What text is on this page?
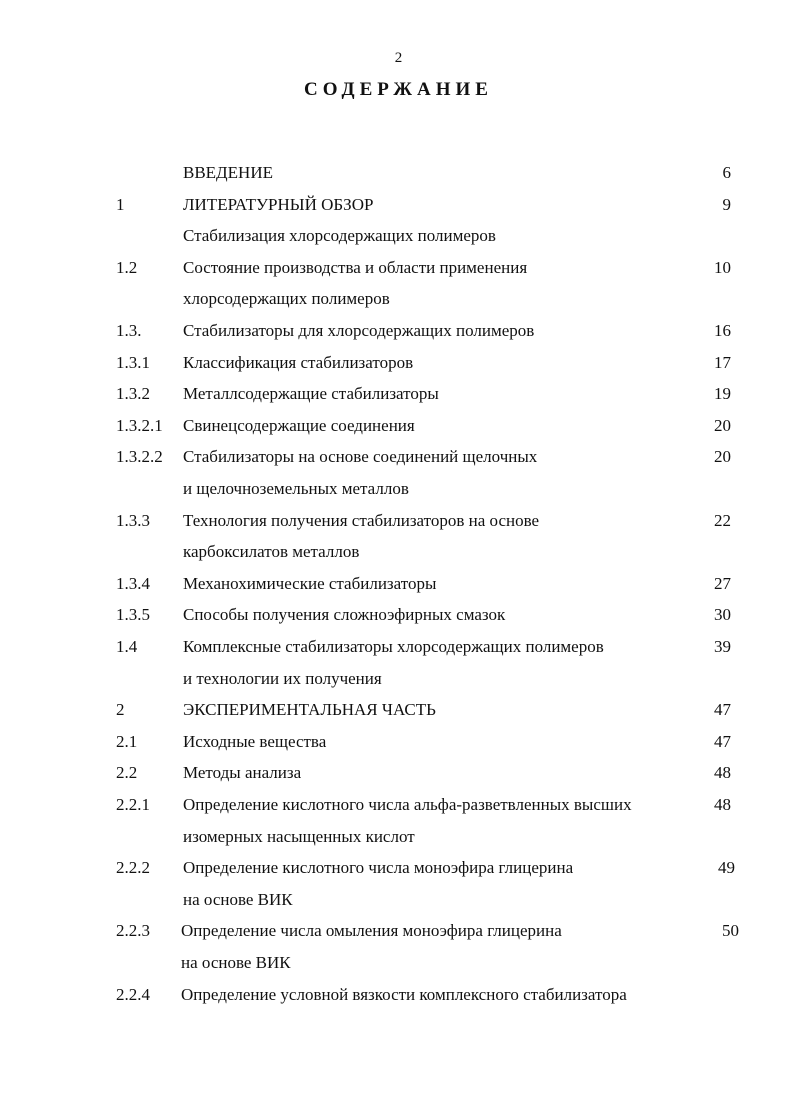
2
СОДЕРЖАНИЕ
ВВЕДЕНИЕ	6
1	ЛИТЕРАТУРНЫЙ ОБЗОР	9
Стабилизация хлорсодержащих полимеров
1.2	Состояние производства и области применения	10
хлорсодержащих полимеров
1.3. Стабилизаторы для хлорсодержащих полимеров	16
1.3.1 Классификация стабилизаторов	17
1.3.2 Металлсодержащие стабилизаторы	19
1.3.2.1 Свинецсодержащие соединения	20
1.3.2.2 Стабилизаторы на основе соединений щелочных	20
и щелочноземельных металлов
1.3.3 Технология получения стабилизаторов на основе	22
карбоксилатов металлов
1.3.4 Механохимические стабилизаторы	27
1.3.5 Способы получения сложноэфирных смазок	30
1.4	Комплексные стабилизаторы хлорсодержащих полимеров	39
и технологии их получения
2	ЭКСПЕРИМЕНТАЛЬНАЯ ЧАСТЬ	47
2.1	Исходные вещества	47
2.2	Методы анализа	48
2.2.1 Определение кислотного числа альфа-разветвленных высших	48
изомерных насыщенных кислот
2.2.2 Определение кислотного числа моноэфира глицерина	49
на основе ВИК
2.2.3 Определение числа омыления моноэфира глицерина	50
на основе ВИК
2.2.4 Определение условной вязкости комплексного стабилизатора
